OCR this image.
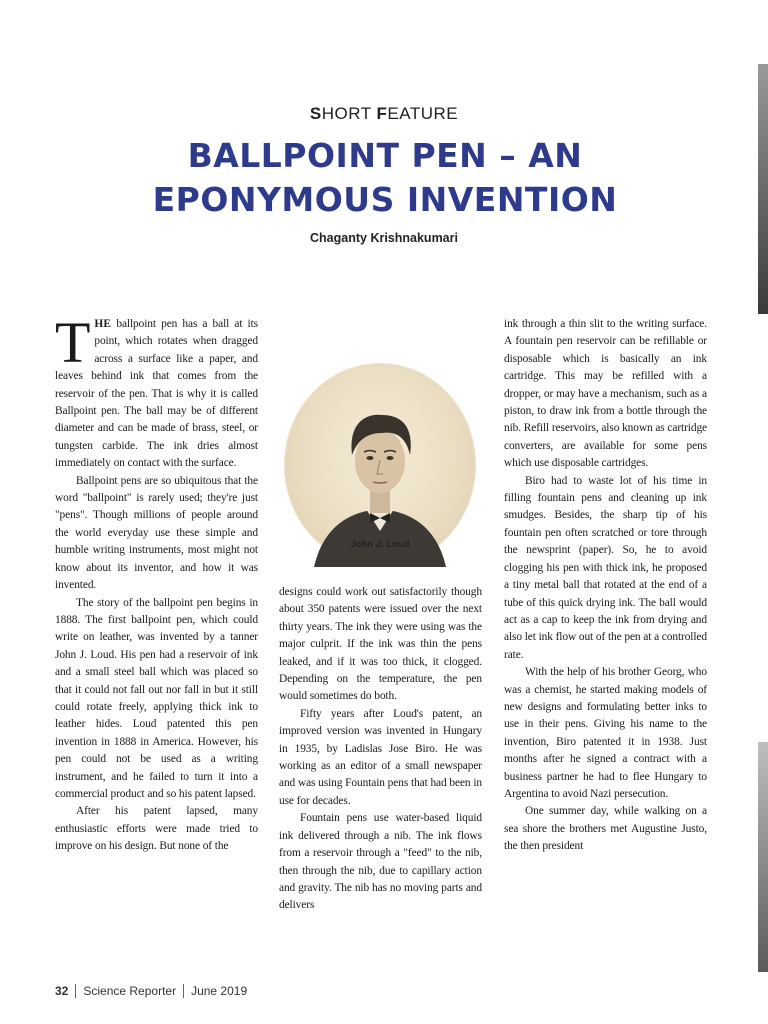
SHORT FEATURE
BALLPOINT PEN – AN
EPONYMOUS INVENTION
Chaganty Krishnakumari

THE ballpoint pen has a ball at its point, which rotates when dragged across a surface like a paper, and leaves behind ink that comes from the reservoir of the pen. That is why it is called Ballpoint pen. The ball may be of different diameter and can be made of brass, steel, or tungsten carbide. The ink dries almost immediately on contact with the surface.

Ballpoint pens are so ubiquitous that the word "ballpoint" is rarely used; they're just "pens". Though millions of people around the world everyday use these simple and humble writing instruments, most might not know about its inventor, and how it was invented.

The story of the ballpoint pen begins in 1888. The first ballpoint pen, which could write on leather, was invented by a tanner John J. Loud. His pen had a reservoir of ink and a small steel ball which was placed so that it could not fall out nor fall in but it still could rotate freely, applying thick ink to leather hides. Loud patented this pen invention in 1888 in America. However, his pen could not be used as a writing instrument, and he failed to turn it into a commercial product and so his patent lapsed.

After his patent lapsed, many enthusiastic efforts were made tried to improve on his design. But none of the

John J. Loud

designs could work out satisfactorily though about 350 patents were issued over the next thirty years. The ink they were using was the major culprit. If the ink was thin the pens leaked, and if it was too thick, it clogged. Depending on the temperature, the pen would sometimes do both.

Fifty years after Loud's patent, an improved version was invented in Hungary in 1935, by Ladislas Jose Biro. He was working as an editor of a small newspaper and was using Fountain pens that had been in use for decades.

Fountain pens use water-based liquid ink delivered through a nib. The ink flows from a reservoir through a "feed" to the nib, then through the nib, due to capillary action and gravity. The nib has no moving parts and delivers

ink through a thin slit to the writing surface. A fountain pen reservoir can be refillable or disposable which is basically an ink cartridge. This may be refilled with a dropper, or may have a mechanism, such as a piston, to draw ink from a bottle through the nib. Refill reservoirs, also known as cartridge converters, are available for some pens which use disposable cartridges.

Biro had to waste lot of his time in filling fountain pens and cleaning up ink smudges. Besides, the sharp tip of his fountain pen often scratched or tore through the newsprint (paper). So, he to avoid clogging his pen with thick ink, he proposed a tiny metal ball that rotated at the end of a tube of this quick drying ink. The ball would act as a cap to keep the ink from drying and also let ink flow out of the pen at a controlled rate.

With the help of his brother Georg, who was a chemist, he started making models of new designs and formulating better inks to use in their pens. Giving his name to the invention, Biro patented it in 1938. Just months after he signed a contract with a business partner he had to flee Hungary to Argentina to avoid Nazi persecution.

One summer day, while walking on a sea shore the brothers met Augustine Justo, the then president

32 Science Reporter June 2019
